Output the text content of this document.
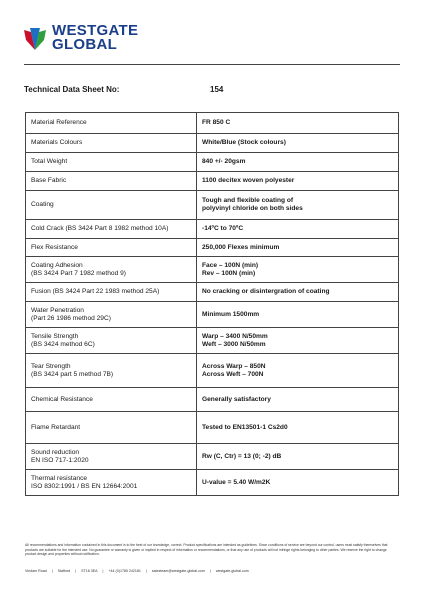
WESTGATE
GLOBAL
Technical Data Sheet No:	154
Material Reference	FR 850 C

Materials Colours	White/Blue (Stock colours)

Total Weight	840 +/- 20gsm

Base Fabric	1100 decitex woven polyester

Coating	Tough and flexible coating of
polyvinyl chloride on both sides

Cold Crack (BS 3424 Part 8 1982 method 10A)	-14ºC to 70ºC

Flex Resistance	250,000 Flexes minimum

Coating Adhesion
(BS 3424 Part 7 1982 method 9)	Face – 100N (min)
Rev – 100N (min)

Fusion (BS 3424 Part 22 1983 method 25A)	No cracking or disintergration of coating

Water Penetration
(Part 26 1986 method 29C)	Minimum 1500mm

Tensile Strength
(BS 3424 method 6C)	Warp – 3400 N/50mm
Weft – 3000 N/50mm

Tear Strength
(BS 3424 part 5 method 7B)	Across Warp – 850N
Across Weft – 700N

Chemical Resistance	Generally satisfactory

Flame Retardant	Tested to EN13501-1 Cs2d0

Sound reduction
EN ISO 717-1:2020	Rw (C, Ctr) = 13 (0; -2) dB

Thermal resistance
ISO 8302:1991 / BS EN 12664:2001	U-value = 5.40 W/m2K
All recommendations and information contained in this document is to the best of our knowledge, correct. Product specifications are intended as guidelines. Since conditions of service are beyond our control, users must satisfy themselves that products are suitable for the intended use. No guarantee or warranty is given or implied in respect of information or recommendations, or that any use of products will not infringe rights belonging to other parties. We reserve the right to change product design and properties without notification.
Vindam Road | Stafford | ST16 3EA | +44 (0)1785 242181 | salesteam@westgate-global.com | westgate-global.com
